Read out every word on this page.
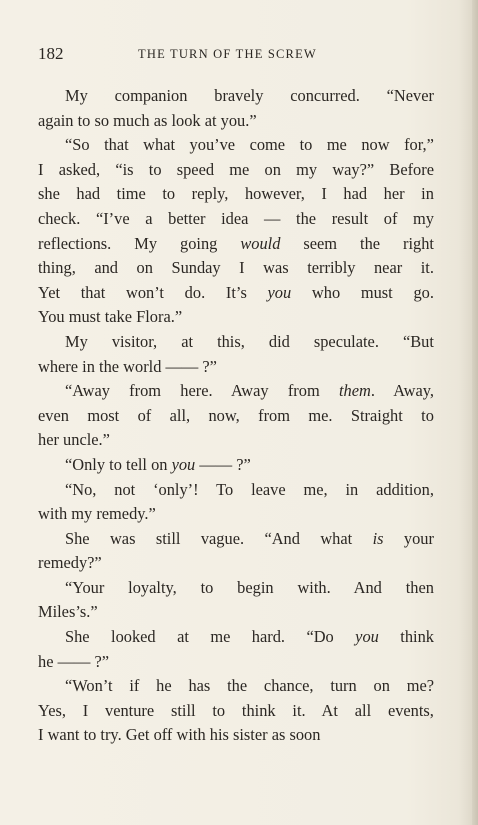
182	THE TURN OF THE SCREW

My companion bravely concurred. “Never
again to so much as look at you.”

“So that what you’ve come to me now for,”
I asked, “is to speed me on my way?” Before
she had time to reply, however, I had her in
check. “I’ve a better idea — the result of my
reflections. My going would seem the right
thing, and on Sunday I was terribly near it.
Yet that won’t do. It’s you who must go.
You must take Flora.”

My visitor, at this, did speculate. “But
where in the world —— ?”

“Away from here. Away from them. Away,
even most of all, now, from me. Straight to
her uncle.”

“Only to tell on you —— ?”

“No, not ‘only’! To leave me, in addition,
with my remedy.”

She was still vague. “And what is your
remedy?”

“Your loyalty, to begin with. And then
Miles’s.”

She looked at me hard. “Do you think
he —— ?”

“Won’t if he has the chance, turn on me?
Yes, I venture still to think it. At all events,
I want to try. Get off with his sister as soon
